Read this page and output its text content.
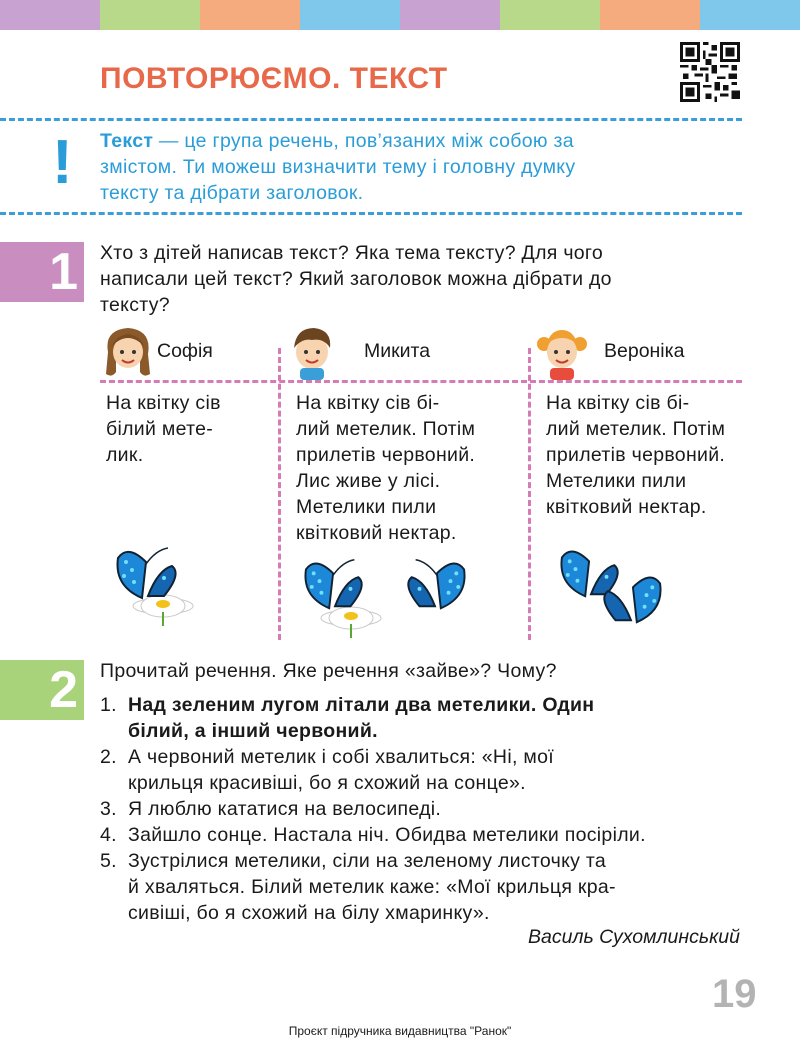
ПОВТОРЮЄМО. ТЕКСТ
! Текст — це група речень, пов’язаних між собою за
змістом. Ти можеш визначити тему і головну думку
тексту та дібрати заголовок.
1	Хто з дітей написав текст? Яка тема тексту? Для чого
написали цей текст? Який заголовок можна дібрати до
тексту?
Софія	Микита	Вероніка
На квітку сів
білий мете-
лик.
На квітку сів бі-
лий метелик. Потім
прилетів червоний.
Лис живе у лісі.
Метелики пили
квітковий нектар.
На квітку сів бі-
лий метелик. Потім
прилетів червоний.
Метелики пили
квітковий нектар.
2	Прочитай речення. Яке речення «зайве»? Чому?
1. Над зеленим лугом літали два метелики. Один
білий, а інший червоний.
2. А червоний метелик і собі хвалиться: «Ні, мої
крильця красивіші, бо я схожий на сонце».
3. Я люблю кататися на велосипеді.
4. Зайшло сонце. Настала ніч. Обидва метелики посіріли.
5. Зустрілися метелики, сіли на зеленому листочку та
й хваляться. Білий метелик каже: «Мої крильця кра-
сивіші, бо я схожий на білу хмаринку».
Василь Сухомлинський
19
Проєкт підручника видавництва "Ранок"
